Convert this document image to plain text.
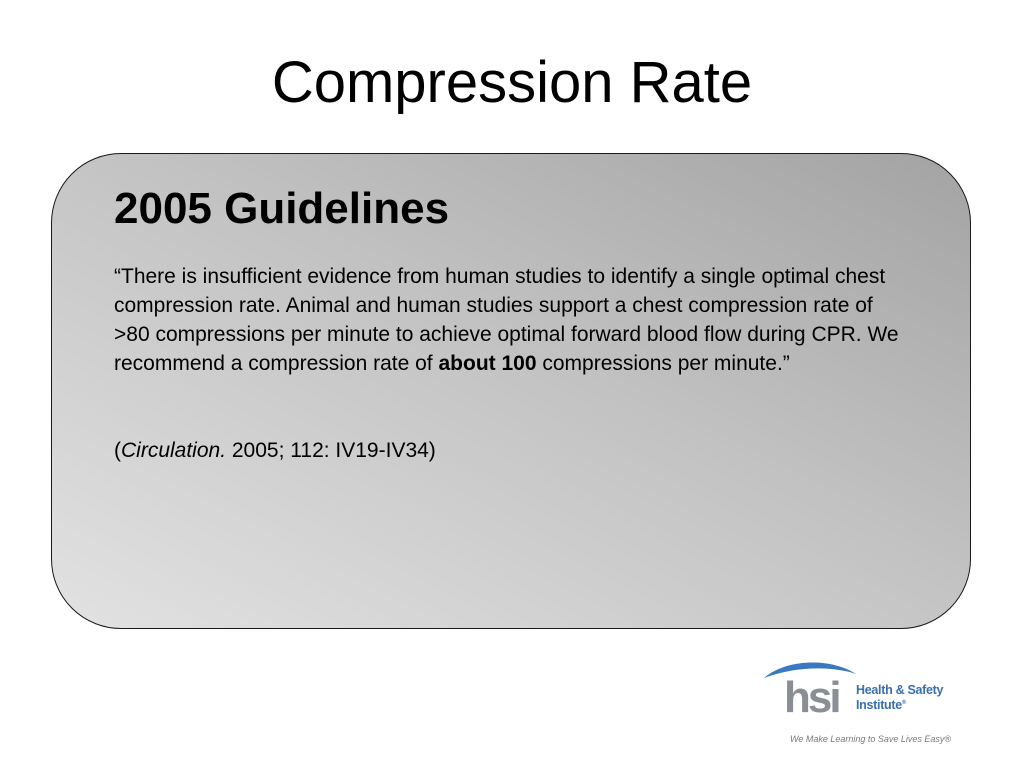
Compression Rate
2005 Guidelines

“There is insufficient evidence from human studies to identify a single optimal chest compression rate. Animal and human studies support a chest compression rate of >80 compressions per minute to achieve optimal forward blood flow during CPR. We recommend a compression rate of about 100 compressions per minute.”

(Circulation. 2005; 112: IV19-IV34)

hsi Health & Safety
Institute®
We Make Learning to Save Lives Easy®
